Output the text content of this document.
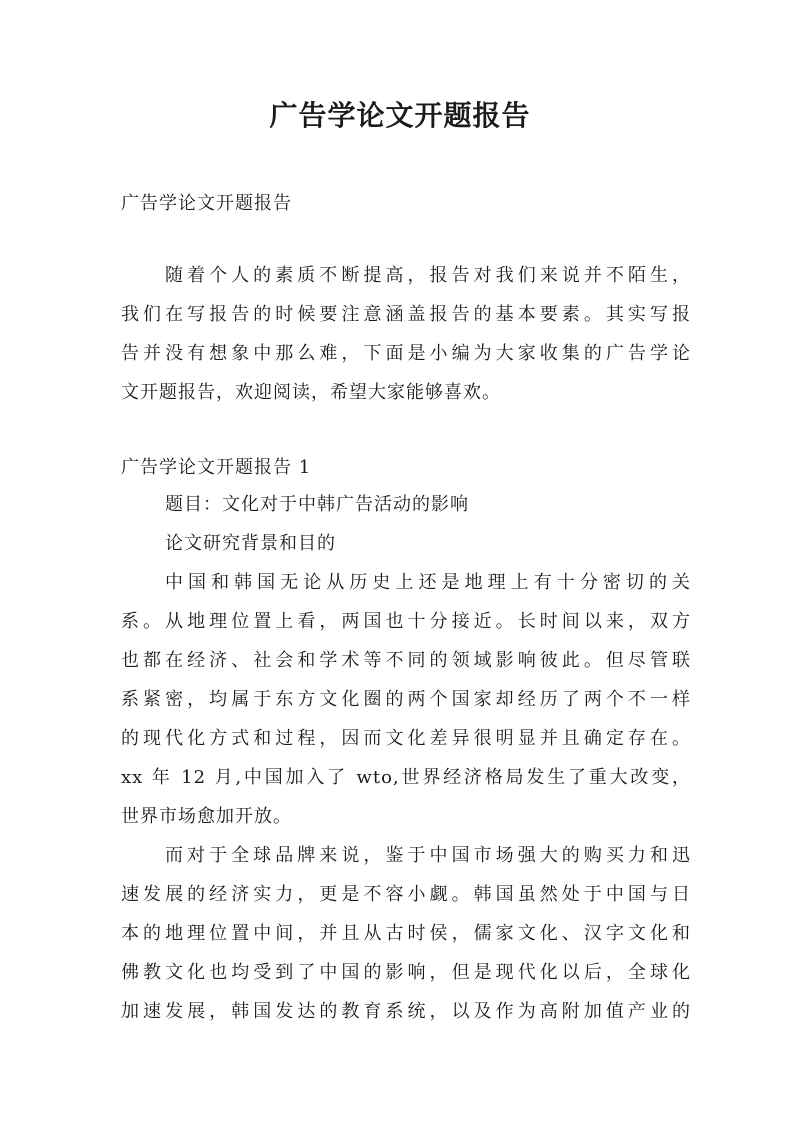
广告学论文开题报告

广告学论文开题报告

随着个人的素质不断提高，报告对我们来说并不陌生，

我们在写报告的时候要注意涵盖报告的基本要素。其实写报

告并没有想象中那么难，下面是小编为大家收集的广告学论

文开题报告，欢迎阅读，希望大家能够喜欢。

广告学论文开题报告 1

题目：文化对于中韩广告活动的影响

论文研究背景和目的

中国和韩国无论从历史上还是地理上有十分密切的关

系。从地理位置上看，两国也十分接近。长时间以来，双方

也都在经济、社会和学术等不同的领域影响彼此。但尽管联

系紧密，均属于东方文化圈的两个国家却经历了两个不一样

的现代化方式和过程，因而文化差异很明显并且确定存在。

xx 年 12 月,中国加入了 wto,世界经济格局发生了重大改变，

世界市场愈加开放。

而对于全球品牌来说，鉴于中国市场强大的购买力和迅

速发展的经济实力，更是不容小觑。韩国虽然处于中国与日

本的地理位置中间，并且从古时侯，儒家文化、汉字文化和

佛教文化也均受到了中国的影响，但是现代化以后，全球化

加速发展，韩国发达的教育系统，以及作为高附加值产业的
